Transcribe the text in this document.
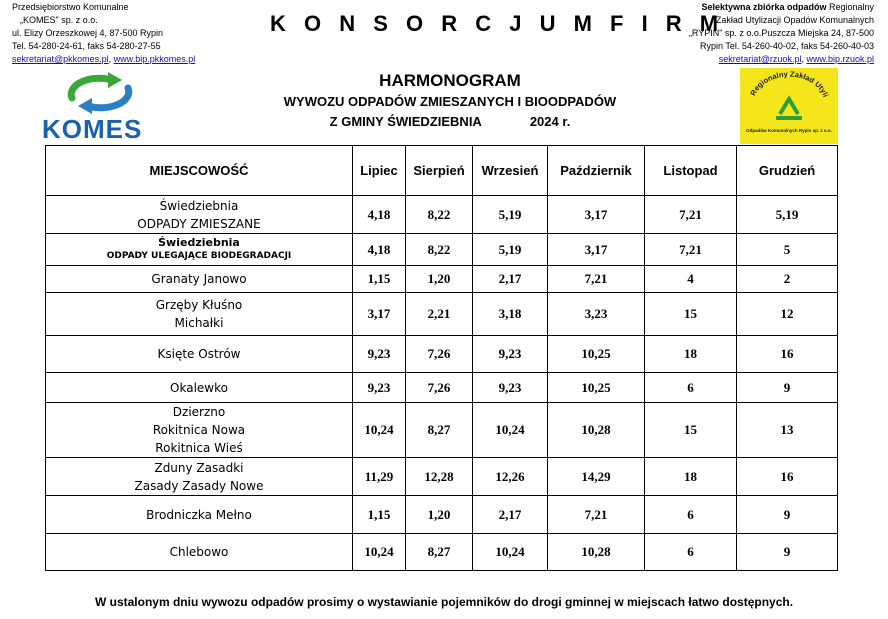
Przedsiębiorstwo Komunalne
„KOMES" sp. z o.o.
ul. Elizy Orzeszkowej 4, 87-500 Rypin
Tel. 54-280-24-61, faks 54-280-27-55
sekretariat@pkkomes.pl, www.bip.pkkomes.pl
K O N S O R C J U M F I R M
Selektywna zbiórka odpadów Regionalny
Zakład Utylizacji Opadów Komunalnych
„RYPIN" sp. z o.o.Puszcza Miejska 24, 87-500
Rypin Tel. 54-260-40-02, faks 54-260-40-03
sekretariat@rzuok.pl, www.bip.rzuok.pl
KOMES
Regionalny Zakład Utyli
Odpadów Komunalnych Rypin sp. z o.o.
HARMONOGRAM
WYWOZU ODPADÓW ZMIESZANYCH I BIOODPADÓW
Z GMINY ŚWIEDZIEBNIA	2024 r.
MIEJSCOWOŚĆ	Lipiec	Sierpień	Wrzesień	Październik	Listopad	Grudzień

Świedziebnia
ODPADY ZMIESZANE	4,18	8,22	5,19	3,17	7,21	5,19

Świedziebnia
ODPADY ULEGAJĄCE BIODEGRADACJI	4,18	8,22	5,19	3,17	7,21	5

Granaty Janowo	1,15	1,20	2,17	7,21	4	2

Grzęby Kłuśno
Michałki	3,17	2,21	3,18	3,23	15	12

Księte Ostrów	9,23	7,26	9,23	10,25	18	16

Okalewko	9,23	7,26	9,23	10,25	6	9

Dzierzno
Rokitnica Nowa
Rokitnica Wieś	10,24	8,27	10,24	10,28	15	13

Zduny Zasadki
Zasady Zasady Nowe	11,29	12,28	12,26	14,29	18	16

Brodniczka Mełno	1,15	1,20	2,17	7,21	6	9

Chlebowo	10,24	8,27	10,24	10,28	6	9
W ustalonym dniu wywozu odpadów prosimy o wystawianie pojemników do drogi gminnej w miejscach łatwo dostępnych.
